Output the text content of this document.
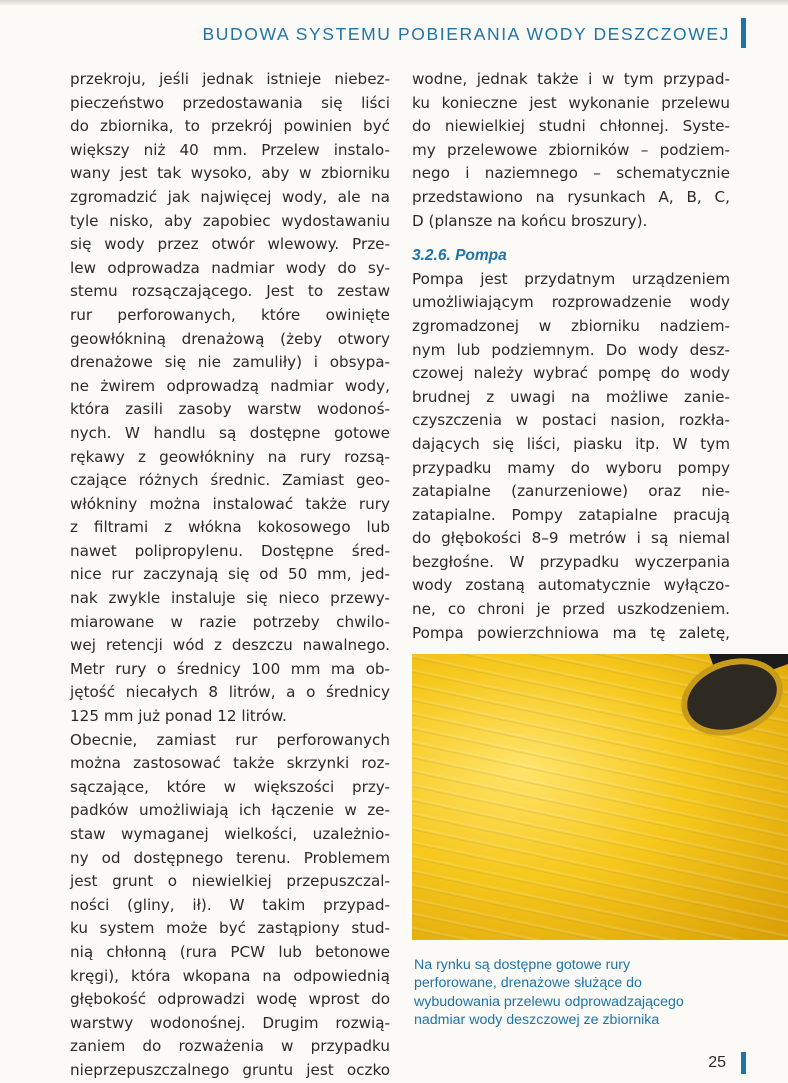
BUDOWA SYSTEMU POBIERANIA WODY DESZCZOWEJ
przekroju, jeśli jednak istnieje niebez-
pieczeństwo przedostawania się liści
do zbiornika, to przekrój powinien być
większy niż 40 mm. Przelew instalo-
wany jest tak wysoko, aby w zbiorniku
zgromadzić jak najwięcej wody, ale na
tyle nisko, aby zapobiec wydostawaniu
się wody przez otwór wlewowy. Prze-
lew odprowadza nadmiar wody do sy-
stemu rozsączającego. Jest to zestaw
rur perforowanych, które owinięte
geowłókniną drenażową (żeby otwory
drenażowe się nie zamuliły) i obsypa-
ne żwirem odprowadzą nadmiar wody,
która zasili zasoby warstw wodonoś-
nych. W handlu są dostępne gotowe
rękawy z geowłókniny na rury rozsą-
czające różnych średnic. Zamiast geo-
włókniny można instalować także rury
z filtrami z włókna kokosowego lub
nawet polipropylenu. Dostępne śred-
nice rur zaczynają się od 50 mm, jed-
nak zwykle instaluje się nieco przewy-
miarowane w razie potrzeby chwilo-
wej retencji wód z deszczu nawalnego.
Metr rury o średnicy 100 mm ma ob-
jętość niecałych 8 litrów, a o średnicy
125 mm już ponad 12 litrów.
Obecnie, zamiast rur perforowanych
można zastosować także skrzynki roz-
sączające, które w większości przy-
padków umożliwiają ich łączenie w ze-
staw wymaganej wielkości, uzależnio-
ny od dostępnego terenu. Problemem
jest grunt o niewielkiej przepuszczal-
ności (gliny, ił). W takim przypad-
ku system może być zastąpiony stud-
nią chłonną (rura PCW lub betonowe
kręgi), która wkopana na odpowiednią
głębokość odprowadzi wodę wprost do
warstwy wodonośnej. Drugim rozwią-
zaniem do rozważenia w przypadku
nieprzepuszczalnego gruntu jest oczko
wodne, jednak także i w tym przypad-
ku konieczne jest wykonanie przelewu
do niewielkiej studni chłonnej. Syste-
my przelewowe zbiorników – podziem-
nego i naziemnego – schematycznie
przedstawiono na rysunkach A, B, C,
D (plansze na końcu broszury).
3.2.6. Pompa
Pompa jest przydatnym urządzeniem
umożliwiającym rozprowadzenie wody
zgromadzonej w zbiorniku nadziem-
nym lub podziemnym. Do wody desz-
czowej należy wybrać pompę do wody
brudnej z uwagi na możliwe zanie-
czyszczenia w postaci nasion, rozkła-
dających się liści, piasku itp. W tym
przypadku mamy do wyboru pompy
zatapialne (zanurzeniowe) oraz nie-
zatapialne. Pompy zatapialne pracują
do głębokości 8–9 metrów i są niemal
bezgłośne. W przypadku wyczerpania
wody zostaną automatycznie wyłączo-
ne, co chroni je przed uszkodzeniem.
Pompa powierzchniowa ma tę zaletę,
Na rynku są dostępne gotowe rury
perforowane, drenażowe służące do
wybudowania przelewu odprowadzającego
nadmiar wody deszczowej ze zbiornika
25
